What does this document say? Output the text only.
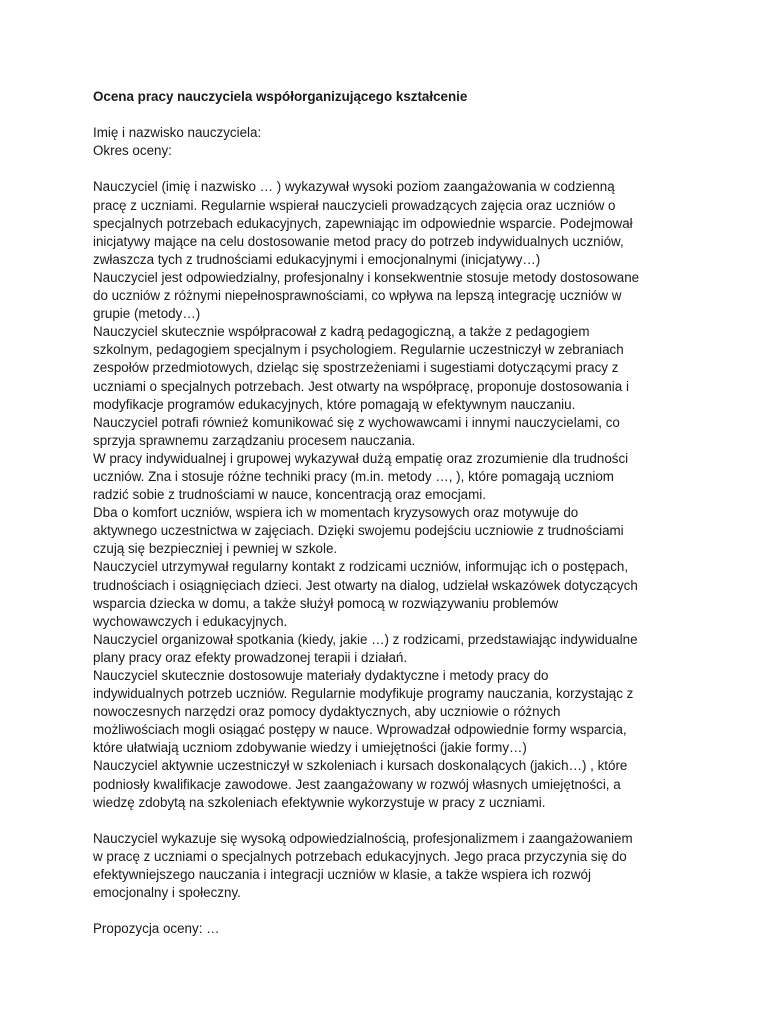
Ocena pracy nauczyciela współorganizującego kształcenie
Imię i nazwisko nauczyciela:
Okres oceny:
Nauczyciel (imię i nazwisko … ) wykazywał wysoki poziom zaangażowania w codzienną
pracę z uczniami. Regularnie wspierał nauczycieli prowadzących zajęcia oraz uczniów o
specjalnych potrzebach edukacyjnych, zapewniając im odpowiednie wsparcie. Podejmował
inicjatywy mające na celu dostosowanie metod pracy do potrzeb indywidualnych uczniów,
zwłaszcza tych z trudnościami edukacyjnymi i emocjonalnymi (inicjatywy…)
Nauczyciel jest odpowiedzialny, profesjonalny i konsekwentnie stosuje metody dostosowane
do uczniów z różnymi niepełnosprawnościami, co wpływa na lepszą integrację uczniów w
grupie (metody…)
Nauczyciel skutecznie współpracował z kadrą pedagogiczną, a także z pedagogiem
szkolnym, pedagogiem specjalnym i psychologiem. Regularnie uczestniczył w zebraniach
zespołów przedmiotowych, dzieląc się spostrzeżeniami i sugestiami dotyczącymi pracy z
uczniami o specjalnych potrzebach. Jest otwarty na współpracę, proponuje dostosowania i
modyfikacje programów edukacyjnych, które pomagają w efektywnym nauczaniu.
Nauczyciel potrafi również komunikować się z wychowawcami i innymi nauczycielami, co
sprzyja sprawnemu zarządzaniu procesem nauczania.
W pracy indywidualnej i grupowej wykazywał dużą empatię oraz zrozumienie dla trudności
uczniów. Zna i stosuje różne techniki pracy (m.in. metody …, ), które pomagają uczniom
radzić sobie z trudnościami w nauce, koncentracją oraz emocjami.
Dba o komfort uczniów, wspiera ich w momentach kryzysowych oraz motywuje do
aktywnego uczestnictwa w zajęciach. Dzięki swojemu podejściu uczniowie z trudnościami
czują się bezpieczniej i pewniej w szkole.
Nauczyciel utrzymywał regularny kontakt z rodzicami uczniów, informując ich o postępach,
trudnościach i osiągnięciach dzieci. Jest otwarty na dialog, udzielał wskazówek dotyczących
wsparcia dziecka w domu, a także służył pomocą w rozwiązywaniu problemów
wychowawczych i edukacyjnych.
Nauczyciel organizował spotkania (kiedy, jakie …) z rodzicami, przedstawiając indywidualne
plany pracy oraz efekty prowadzonej terapii i działań.
Nauczyciel skutecznie dostosowuje materiały dydaktyczne i metody pracy do
indywidualnych potrzeb uczniów. Regularnie modyfikuje programy nauczania, korzystając z
nowoczesnych narzędzi oraz pomocy dydaktycznych, aby uczniowie o różnych
możliwościach mogli osiągać postępy w nauce. Wprowadzał odpowiednie formy wsparcia,
które ułatwiają uczniom zdobywanie wiedzy i umiejętności (jakie formy…)
Nauczyciel aktywnie uczestniczył w szkoleniach i kursach doskonalących (jakich…) , które
podniosły kwalifikacje zawodowe. Jest zaangażowany w rozwój własnych umiejętności, a
wiedzę zdobytą na szkoleniach efektywnie wykorzystuje w pracy z uczniami.
Nauczyciel wykazuje się wysoką odpowiedzialnością, profesjonalizmem i zaangażowaniem
w pracę z uczniami o specjalnych potrzebach edukacyjnych. Jego praca przyczynia się do
efektywniejszego nauczania i integracji uczniów w klasie, a także wspiera ich rozwój
emocjonalny i społeczny.
Propozycja oceny: …
